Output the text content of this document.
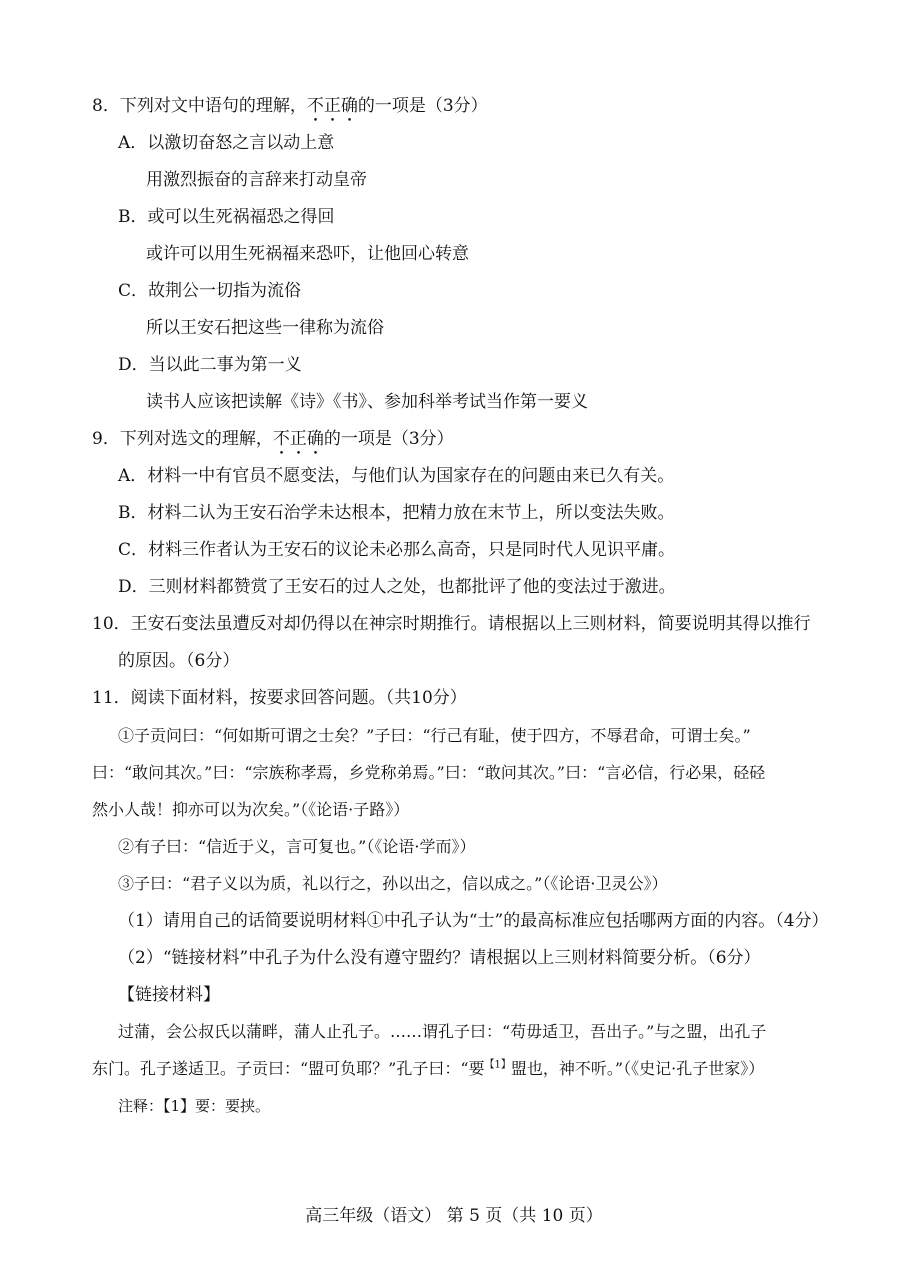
8．下列对文中语句的理解，不正确的一项是（3分）
A．以激切奋怒之言以动上意
用激烈振奋的言辞来打动皇帝
B．或可以生死祸福恐之得回
或许可以用生死祸福来恐吓，让他回心转意
C．故荆公一切指为流俗
所以王安石把这些一律称为流俗
D．当以此二事为第一义
读书人应该把读解《诗》《书》、参加科举考试当作第一要义
9．下列对选文的理解，不正确的一项是（3分）
A．材料一中有官员不愿变法，与他们认为国家存在的问题由来已久有关。
B．材料二认为王安石治学未达根本，把精力放在末节上，所以变法失败。
C．材料三作者认为王安石的议论未必那么高奇，只是同时代人见识平庸。
D．三则材料都赞赏了王安石的过人之处，也都批评了他的变法过于激进。
10．王安石变法虽遭反对却仍得以在神宗时期推行。请根据以上三则材料，简要说明其得以推行
的原因。（6分）
11．阅读下面材料，按要求回答问题。（共10分）
①子贡问曰：“何如斯可谓之士矣？”子曰：“行己有耻，使于四方，不辱君命，可谓士矣。”
曰：“敢问其次。”曰：“宗族称孝焉，乡党称弟焉。”曰：“敢问其次。”曰：“言必信，行必果，硁硁
然小人哉！抑亦可以为次矣。”（《论语·子路》）
②有子曰：“信近于义，言可复也。”（《论语·学而》）
③子曰：“君子义以为质，礼以行之，孙以出之，信以成之。”（《论语·卫灵公》）
（1）请用自己的话简要说明材料①中孔子认为“士”的最高标准应包括哪两方面的内容。（4分）
（2）“链接材料”中孔子为什么没有遵守盟约？请根据以上三则材料简要分析。（6分）
【链接材料】
过蒲，会公叔氏以蒲畔，蒲人止孔子。……谓孔子曰：“苟毋适卫，吾出子。”与之盟，出孔子
东门。孔子遂适卫。子贡曰：“盟可负耶？”孔子曰：“要$^{【1】}$盟也，神不听。”（《史记·孔子世家》）
注释：【1】要：要挟。
高三年级（语文） 第 5 页（共 10 页）
